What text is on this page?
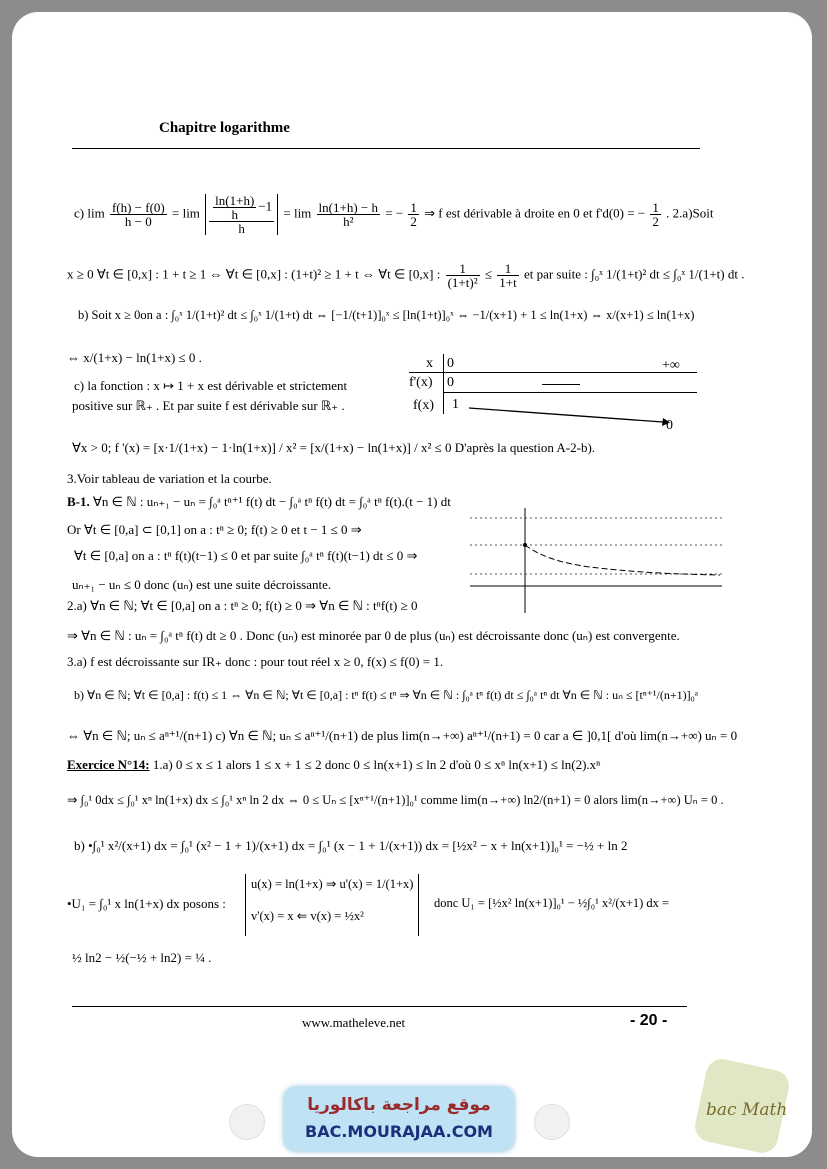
Chapitre logarithme
c) $\lim \frac{f(h) - f(0)}{h - 0} = \lim \frac{\frac{\ln(1+h)}{h} -1}{h} = \lim \frac{\ln(1+h) - h}{\text{h²}}$ = − $\frac{1}{2}$ ⇒ f est dérivable à droite en 0 et f'd(0) = − $\frac{1}{2}$ . 2.a)Soit
x ≥ 0 ∀t ∈ [0,x] : 1 + t ≥ 1 ⇔ ∀t ∈ [0,x] : (1+t)² ≥ 1 + t ⇔ ∀t ∈ [0,x] : $\frac{1}{\text{(1+t)²}} \le \frac{1}{1+t}$ et par suite : ∫₀ˣ 1/(1+t)² dt ≤ ∫₀ˣ 1/(1+t) dt .
b) Soit x ≥ 0on a : ∫₀ˣ 1/(1+t)² dt ≤ ∫₀ˣ 1/(1+t) dt ⇔ [−1/(t+1)]₀ˣ ≤ [ln(1+t)]₀ˣ ⇔ −1/(x+1) + 1 ≤ ln(1+x) ⇔ x/(x+1) ≤ ln(1+x)
⇔ x/(1+x) − ln(1+x) ≤ 0 .
c) la fonction : x ↦ 1 + x est dérivable et strictement
positive sur ℝ₊ . Et par suite f est dérivable sur ℝ₊ .
x 0	+∞
f'(x) 0
f(x) 1
0
∀x > 0; f '(x) = [x·1/(1+x) − 1·ln(1+x)] / x² = [x/(1+x) − ln(1+x)] / x² ≤ 0 D'après la question A-2-b).
3.Voir tableau de variation et la courbe.
B-1. ∀n ∈ ℕ : uₙ₊₁ − uₙ = ∫₀ᵃ tⁿ⁺¹ f(t) dt − ∫₀ᵃ tⁿ f(t) dt = ∫₀ᵃ tⁿ f(t).(t − 1) dt
Or ∀t ∈ [0,a] ⊂ [0,1] on a : tⁿ ≥ 0; f(t) ≥ 0 et t − 1 ≤ 0 ⇒
∀t ∈ [0,a] on a : tⁿ f(t)(t−1) ≤ 0 et par suite ∫₀ᵃ tⁿ f(t)(t−1) dt ≤ 0 ⇒
uₙ₊₁ − uₙ ≤ 0 donc (uₙ) est une suite décroissante.
2.a) ∀n ∈ ℕ; ∀t ∈ [0,a] on a : tⁿ ≥ 0; f(t) ≥ 0 ⇒ ∀n ∈ ℕ : tⁿf(t) ≥ 0
⇒ ∀n ∈ ℕ : uₙ = ∫₀ᵃ tⁿ f(t) dt ≥ 0 . Donc (uₙ) est minorée par 0 de plus (uₙ) est décroissante donc (uₙ) est convergente.
3.a) f est décroissante sur IR₊ donc : pour tout réel x ≥ 0, f(x) ≤ f(0) = 1.
b) ∀n ∈ ℕ; ∀t ∈ [0,a] : f(t) ≤ 1 ⇔ ∀n ∈ ℕ; ∀t ∈ [0,a] : tⁿ f(t) ≤ tⁿ ⇒ ∀n ∈ ℕ : ∫₀ᵃ tⁿ f(t) dt ≤ ∫₀ᵃ tⁿ dt ∀n ∈ ℕ : uₙ ≤ [tⁿ⁺¹/(n+1)]₀ᵃ
⇔ ∀n ∈ ℕ; uₙ ≤ aⁿ⁺¹/(n+1) c) ∀n ∈ ℕ; uₙ ≤ aⁿ⁺¹/(n+1) de plus lim(n→+∞) aⁿ⁺¹/(n+1) = 0 car a ∈ ]0,1[ d'où lim(n→+∞) uₙ = 0
Exercice N°14: 1.a) 0 ≤ x ≤ 1 alors 1 ≤ x + 1 ≤ 2 donc 0 ≤ ln(x+1) ≤ ln 2 d'où 0 ≤ xⁿ ln(x+1) ≤ ln(2).xⁿ
⇒ ∫₀¹ 0dx ≤ ∫₀¹ xⁿ ln(1+x) dx ≤ ∫₀¹ xⁿ ln 2 dx ⇔ 0 ≤ Uₙ ≤ [xⁿ⁺¹/(n+1)]₀¹ comme lim(n→+∞) ln2/(n+1) = 0 alors lim(n→+∞) Uₙ = 0 .
b) •∫₀¹ x²/(x+1) dx = ∫₀¹ (x² − 1 + 1)/(x+1) dx = ∫₀¹ (x − 1 + 1/(x+1)) dx = [½x² − x + ln(x+1)]₀¹ = −½ + ln 2
•U₁ = ∫₀¹ x ln(1+x) dx posons :
u(x) = ln(1+x) ⇒ u'(x) = 1/(1+x)
v'(x) = x ⇐ v(x) = ½x²
donc U₁ = [½x² ln(x+1)]₀¹ − ½∫₀¹ x²/(x+1) dx =
½ ln2 − ½(−½ + ln2) = ¼ .
www.matheleve.net	- 20 -
موقع مراجعة باكالوريا
BAC.MOURAJAA.COM
bac Math
